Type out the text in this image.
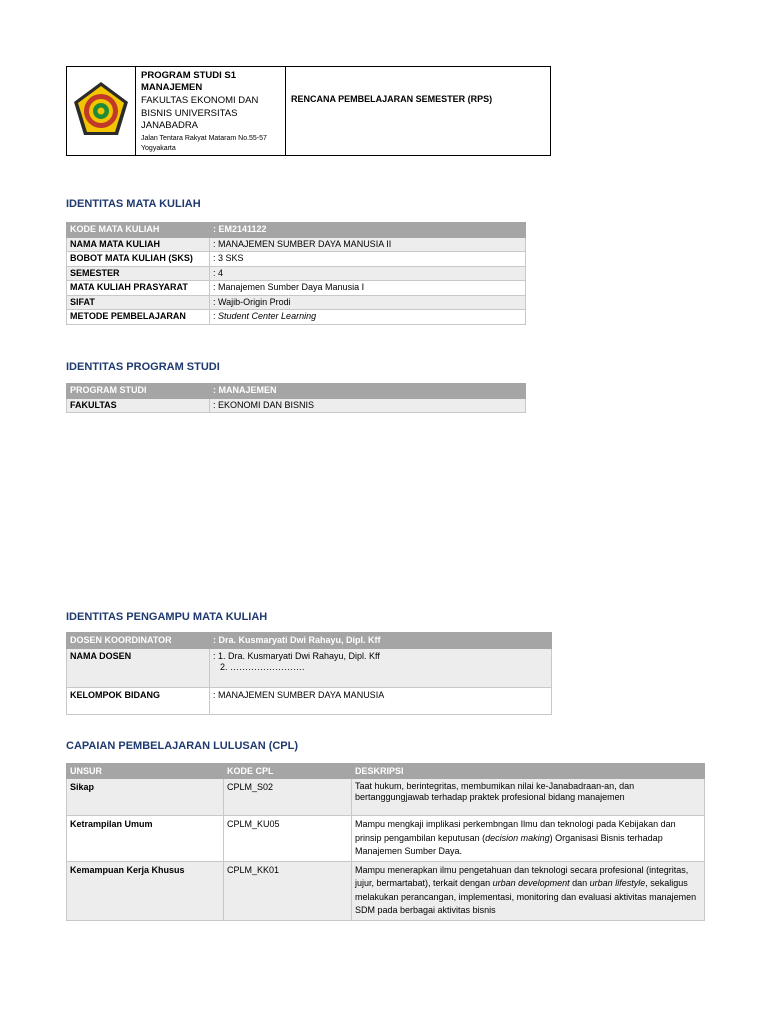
PROGRAM STUDI S1 MANAJEMEN
FAKULTAS EKONOMI DAN BISNIS UNIVERSITAS JANABADRA
Jalan Tentara Rakyat Mataram No.55-57 Yogyakarta
RENCANA PEMBELAJARAN SEMESTER (RPS)
IDENTITAS MATA KULIAH
KODE MATA KULIAH	: EM2141122
NAMA MATA KULIAH	: MANAJEMEN SUMBER DAYA MANUSIA II
BOBOT MATA KULIAH (SKS)	: 3 SKS
SEMESTER	: 4
MATA KULIAH PRASYARAT	: Manajemen Sumber Daya Manusia I
SIFAT	: Wajib-Origin Prodi
METODE PEMBELAJARAN	: Student Center Learning
IDENTITAS PROGRAM STUDI
PROGRAM STUDI	: MANAJEMEN
FAKULTAS	: EKONOMI DAN BISNIS
IDENTITAS PENGAMPU MATA KULIAH
DOSEN KOORDINATOR	: Dra. Kusmaryati Dwi Rahayu, Dipl. Kff
NAMA DOSEN	: 1. Dra. Kusmaryati Dwi Rahayu, Dipl. Kff
2. …………………….

KELOMPOK BIDANG	: MANAJEMEN SUMBER DAYA MANUSIA
CAPAIAN PEMBELAJARAN LULUSAN (CPL)
UNSUR	KODE CPL	DESKRIPSI
Sikap	CPLM_S02	Taat hukum, berintegritas, membumikan nilai ke-Janabadraan-an, dan bertanggungjawab terhadap praktek profesional bidang manajemen
Ketrampilan Umum	CPLM_KU05	Mampu mengkaji implikasi perkembngan Ilmu dan teknologi pada Kebijakan dan prinsip pengambilan keputusan (decision making) Organisasi Bisnis terhadap Manajemen Sumber Daya.
Kemampuan Kerja Khusus	CPLM_KK01	Mampu menerapkan ilmu pengetahuan dan teknologi secara profesional (integritas, jujur, bermartabat), terkait dengan urban development dan urban lifestyle, sekaligus melakukan perancangan, implementasi, monitoring dan evaluasi aktivitas manajemen SDM pada berbagai aktivitas bisnis
